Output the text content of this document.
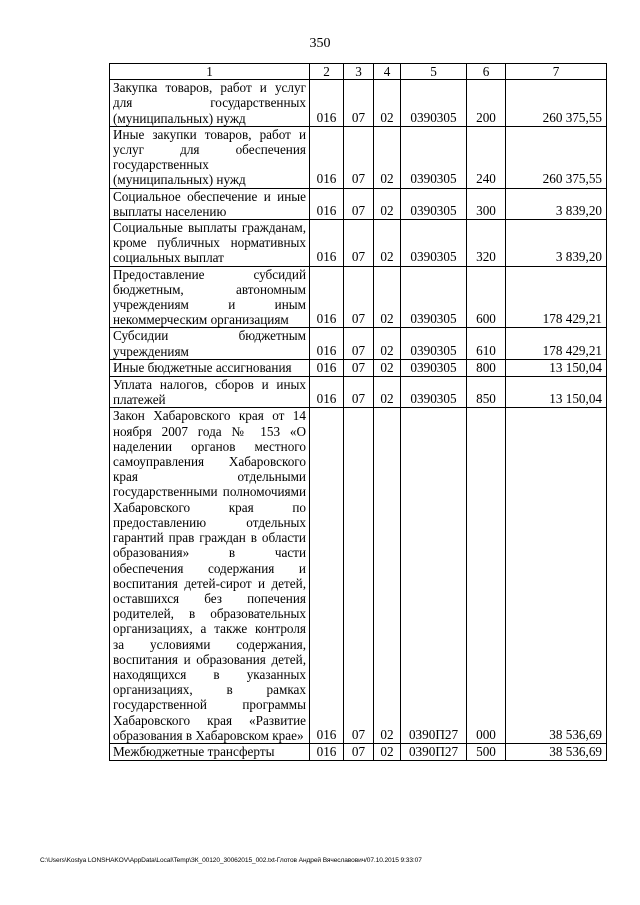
350
1	2	3	4	5	6	7
Закупка товаров, работ и услуг для государственных (муниципальных) нужд	016	07	02	0390305	200	260 375,55
Иные закупки товаров, работ и услуг для обеспечения государственных (муниципальных) нужд	016	07	02	0390305	240	260 375,55
Социальное обеспечение и иные выплаты населению	016	07	02	0390305	300	3 839,20
Социальные выплаты гражданам, кроме публичных нормативных социальных выплат	016	07	02	0390305	320	3 839,20
Предоставление субсидий бюджетным, автономным учреждениям и иным некоммерческим организациям	016	07	02	0390305	600	178 429,21
Субсидии бюджетным учреждениям	016	07	02	0390305	610	178 429,21
Иные бюджетные ассигнования	016	07	02	0390305	800	13 150,04
Уплата налогов, сборов и иных платежей	016	07	02	0390305	850	13 150,04
Закон Хабаровского края от 14 ноября 2007 года № 153 «О наделении органов местного самоуправления Хабаровского края отдельными государственными полномочиями Хабаровского края по предоставлению отдельных гарантий прав граждан в области образования» в части обеспечения содержания и воспитания детей-сирот и детей, оставшихся без попечения родителей, в образовательных организациях, а также контроля за условиями содержания, воспитания и образования детей, находящихся в указанных организациях, в рамках государственной программы Хабаровского края «Развитие образования в Хабаровском крае»	016	07	02	0390П27	000	38 536,69
Межбюджетные трансферты	016	07	02	0390П27	500	38 536,69
C:\Users\Kostya LONSHAKOV\AppData\Local\Temp\ЗК_00120_30062015_002.txt-Глотов Андрей Вячеславович/07.10.2015 9:33:07
